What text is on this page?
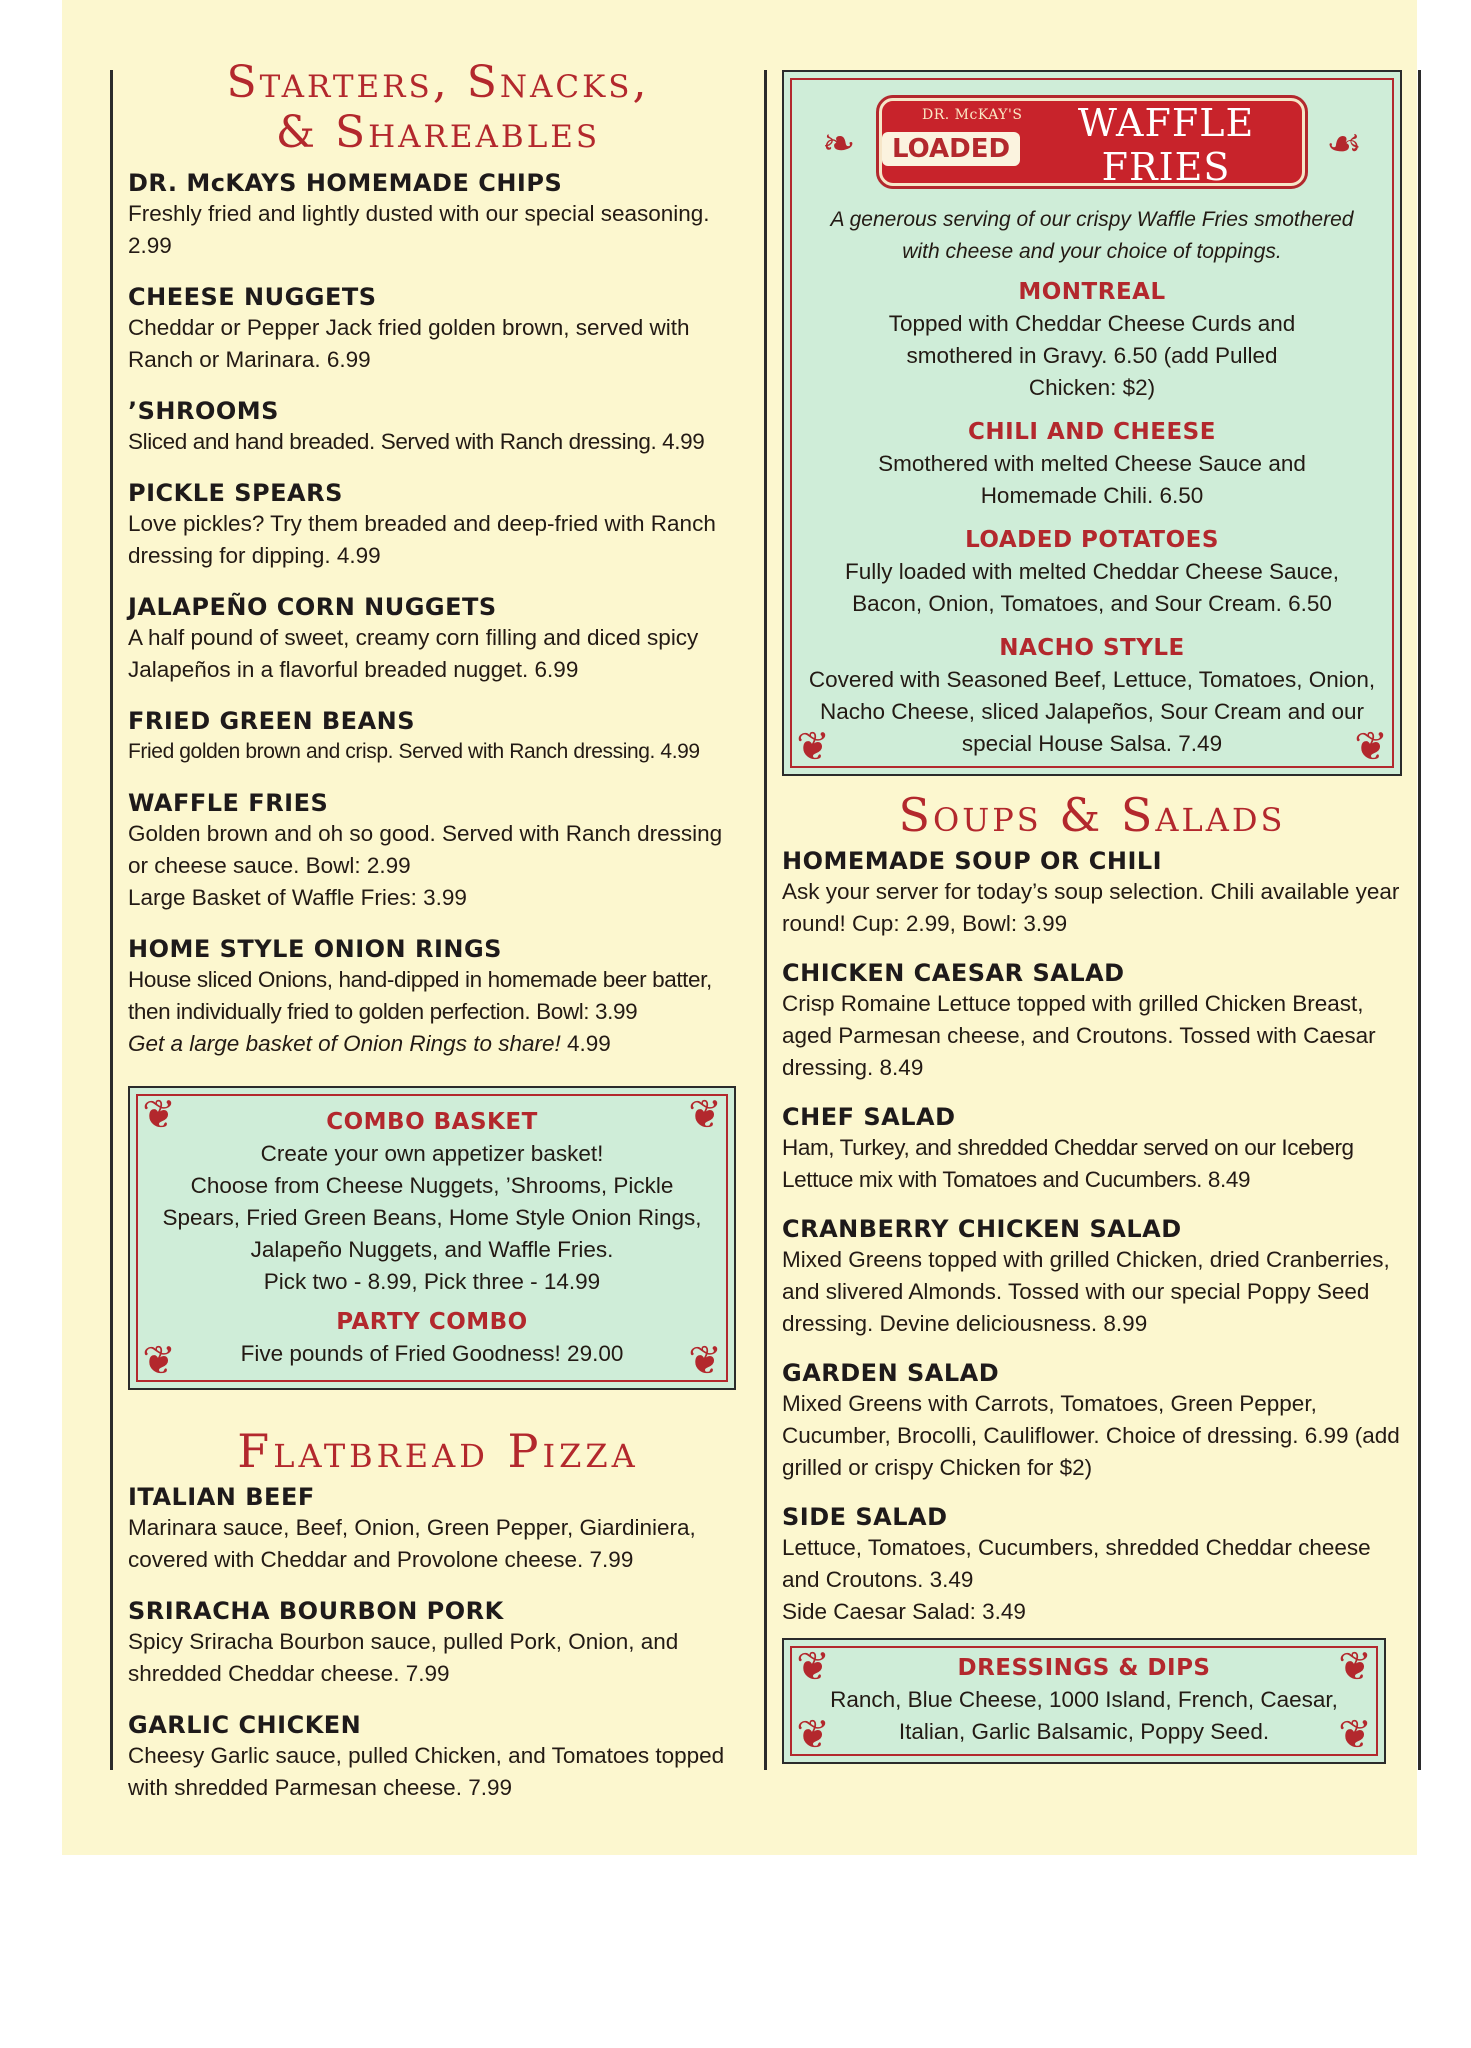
Starters, Snacks,
& Shareables
DR. McKAYS HOMEMADE CHIPS
Freshly fried and lightly dusted with our special seasoning. 2.99
CHEESE NUGGETS
Cheddar or Pepper Jack fried golden brown, served with Ranch or Marinara. 6.99
’SHROOMS
Sliced and hand breaded. Served with Ranch dressing. 4.99
PICKLE SPEARS
Love pickles? Try them breaded and deep-fried with Ranch dressing for dipping. 4.99
JALAPEÑO CORN NUGGETS
A half pound of sweet, creamy corn filling and diced spicy Jalapeños in a flavorful breaded nugget. 6.99
FRIED GREEN BEANS
Fried golden brown and crisp. Served with Ranch dressing. 4.99
WAFFLE FRIES
Golden brown and oh so good. Served with Ranch dressing or cheese sauce. Bowl: 2.99
Large Basket of Waffle Fries: 3.99
HOME STYLE ONION RINGS
House sliced Onions, hand-dipped in homemade beer batter, then individually fried to golden perfection. Bowl: 3.99
Get a large basket of Onion Rings to share! 4.99
❦	❦
❦	❦
COMBO BASKET
Create your own appetizer basket!
Choose from Cheese Nuggets, ’Shrooms, Pickle Spears, Fried Green Beans, Home Style Onion Rings, Jalapeño Nuggets, and Waffle Fries.
Pick two - 8.99, Pick three - 14.99
PARTY COMBO
Five pounds of Fried Goodness! 29.00
Flatbread Pizza
ITALIAN BEEF
Marinara sauce, Beef, Onion, Green Pepper, Giardiniera, covered with Cheddar and Provolone cheese. 7.99
SRIRACHA BOURBON PORK
Spicy Sriracha Bourbon sauce, pulled Pork, Onion, and shredded Cheddar cheese. 7.99
GARLIC CHICKEN
Cheesy Garlic sauce, pulled Chicken, and Tomatoes topped with shredded Parmesan cheese. 7.99
❦	❦
❧	☙
DR. McKAY'S
LOADED
WAFFLE FRIES
A generous serving of our crispy Waffle Fries smothered with cheese and your choice of toppings.
MONTREAL
Topped with Cheddar Cheese Curds and smothered in Gravy. 6.50 (add Pulled Chicken: $2)
CHILI AND CHEESE
Smothered with melted Cheese Sauce and Homemade Chili. 6.50
LOADED POTATOES
Fully loaded with melted Cheddar Cheese Sauce, Bacon, Onion, Tomatoes, and Sour Cream. 6.50
NACHO STYLE
Covered with Seasoned Beef, Lettuce, Tomatoes, Onion, Nacho Cheese, sliced Jalapeños, Sour Cream and our special House Salsa. 7.49
Soups & Salads
HOMEMADE SOUP OR CHILI
Ask your server for today’s soup selection. Chili available year round! Cup: 2.99, Bowl: 3.99
CHICKEN CAESAR SALAD
Crisp Romaine Lettuce topped with grilled Chicken Breast, aged Parmesan cheese, and Croutons. Tossed with Caesar dressing. 8.49
CHEF SALAD
Ham, Turkey, and shredded Cheddar served on our Iceberg Lettuce mix with Tomatoes and Cucumbers. 8.49
CRANBERRY CHICKEN SALAD
Mixed Greens topped with grilled Chicken, dried Cranberries, and slivered Almonds. Tossed with our special Poppy Seed dressing. Devine deliciousness. 8.99
GARDEN SALAD
Mixed Greens with Carrots, Tomatoes, Green Pepper, Cucumber, Brocolli, Cauliflower. Choice of dressing. 6.99 (add grilled or crispy Chicken for $2)
SIDE SALAD
Lettuce, Tomatoes, Cucumbers, shredded Cheddar cheese and Croutons. 3.49
Side Caesar Salad: 3.49
❦	❦
❦	❦
DRESSINGS & DIPS
Ranch, Blue Cheese, 1000 Island, French, Caesar, Italian, Garlic Balsamic, Poppy Seed.
